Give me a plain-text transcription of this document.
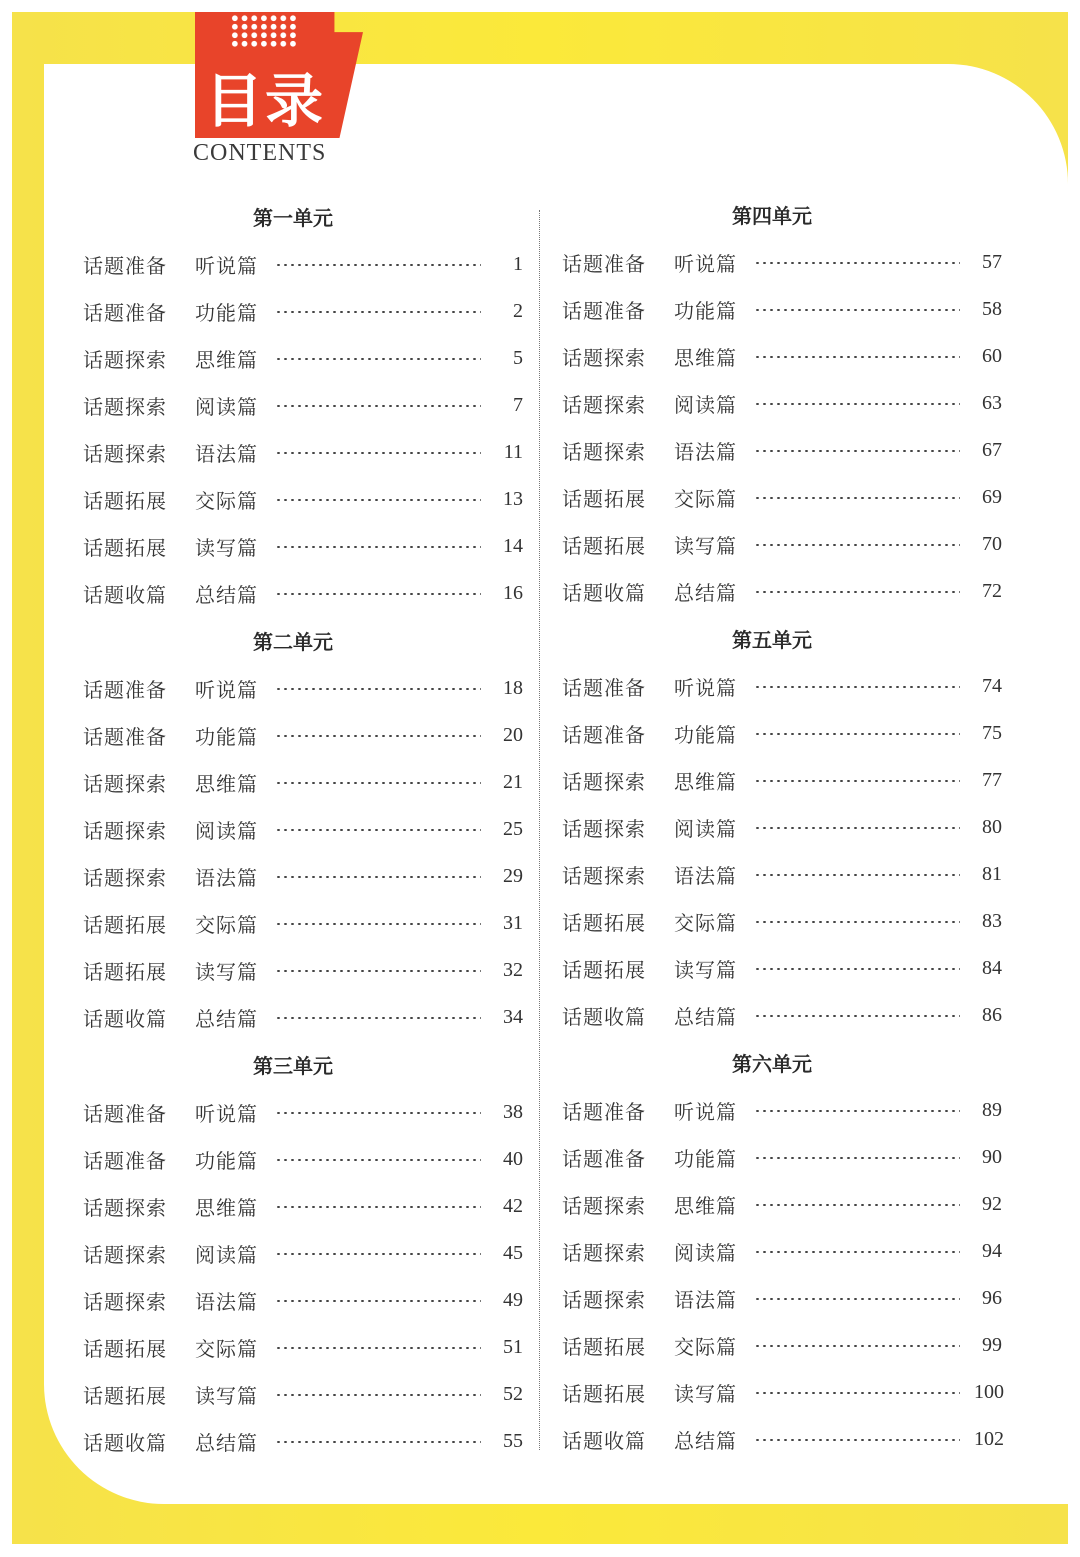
目录
CONTENTS
第一单元
话题准备	听说篇	1
话题准备	功能篇	2
话题探索	思维篇	5
话题探索	阅读篇	7
话题探索	语法篇	11
话题拓展	交际篇	13
话题拓展	读写篇	14
话题收篇	总结篇	16
第二单元
话题准备	听说篇	18
话题准备	功能篇	20
话题探索	思维篇	21
话题探索	阅读篇	25
话题探索	语法篇	29
话题拓展	交际篇	31
话题拓展	读写篇	32
话题收篇	总结篇	34
第三单元
话题准备	听说篇	38
话题准备	功能篇	40
话题探索	思维篇	42
话题探索	阅读篇	45
话题探索	语法篇	49
话题拓展	交际篇	51
话题拓展	读写篇	52
话题收篇	总结篇	55
第四单元
话题准备	听说篇	57
话题准备	功能篇	58
话题探索	思维篇	60
话题探索	阅读篇	63
话题探索	语法篇	67
话题拓展	交际篇	69
话题拓展	读写篇	70
话题收篇	总结篇	72
第五单元
话题准备	听说篇	74
话题准备	功能篇	75
话题探索	思维篇	77
话题探索	阅读篇	80
话题探索	语法篇	81
话题拓展	交际篇	83
话题拓展	读写篇	84
话题收篇	总结篇	86
第六单元
话题准备	听说篇	89
话题准备	功能篇	90
话题探索	思维篇	92
话题探索	阅读篇	94
话题探索	语法篇	96
话题拓展	交际篇	99
话题拓展	读写篇	100
话题收篇	总结篇	102
